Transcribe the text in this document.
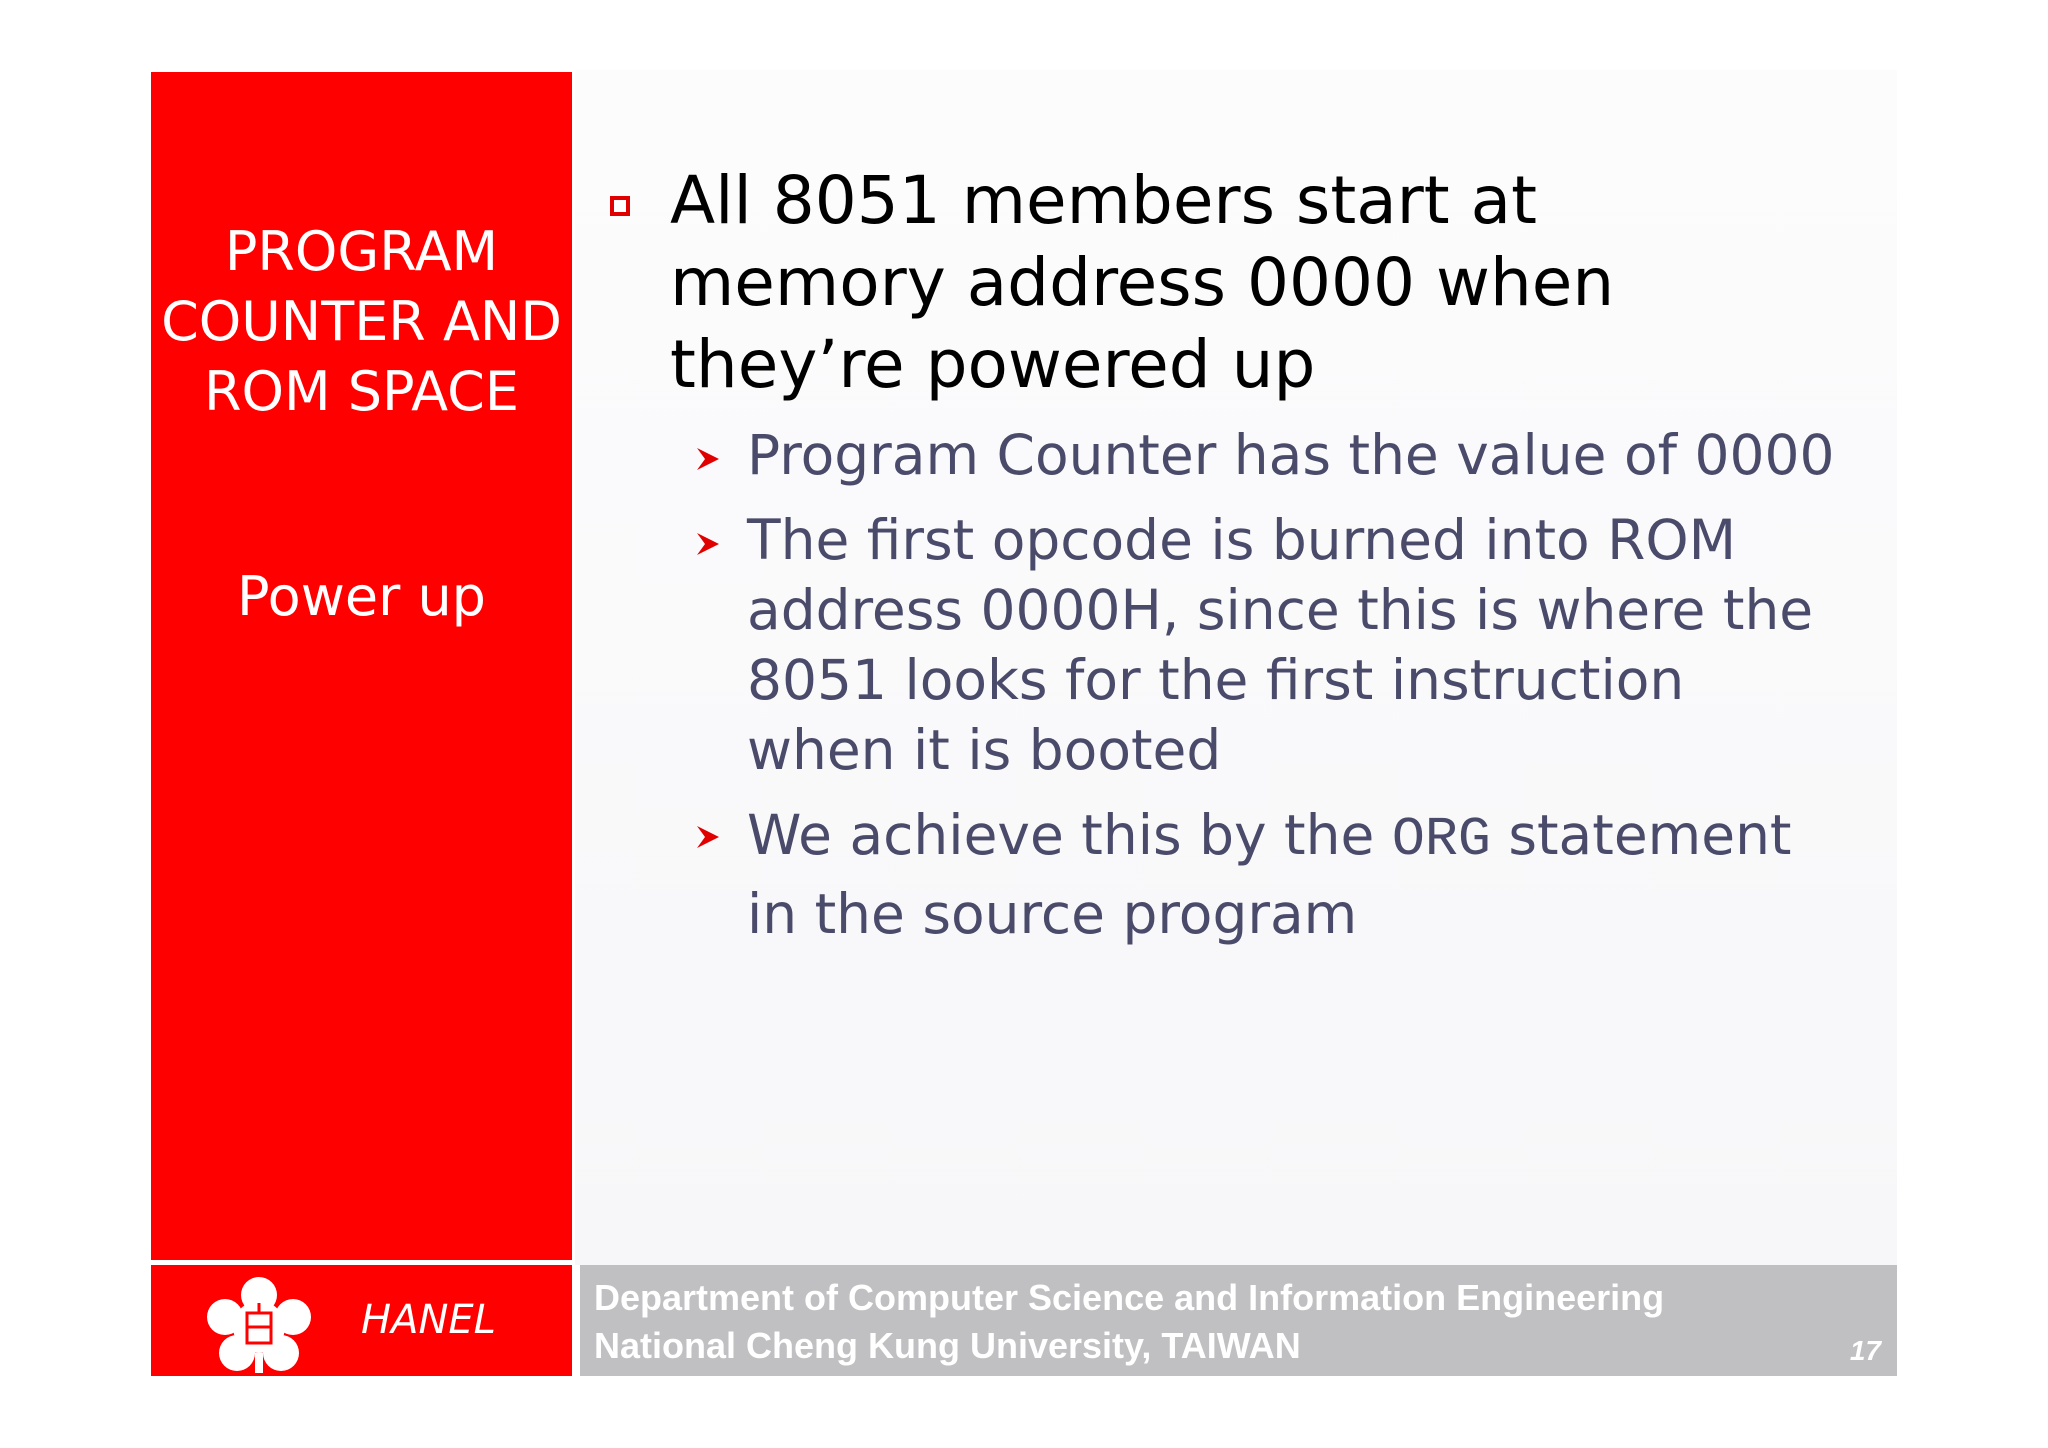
PROGRAM
COUNTER AND
ROM SPACE
Power up
All 8051 members start at memory address 0000 when they’re powered up
Program Counter has the value of 0000
The first opcode is burned into ROM address 0000H, since this is where the 8051 looks for the first instruction when it is booted
We achieve this by the ORG statement in the source program
HANEL	Department of Computer Science and Information Engineering
National Cheng Kung University, TAIWAN	17
